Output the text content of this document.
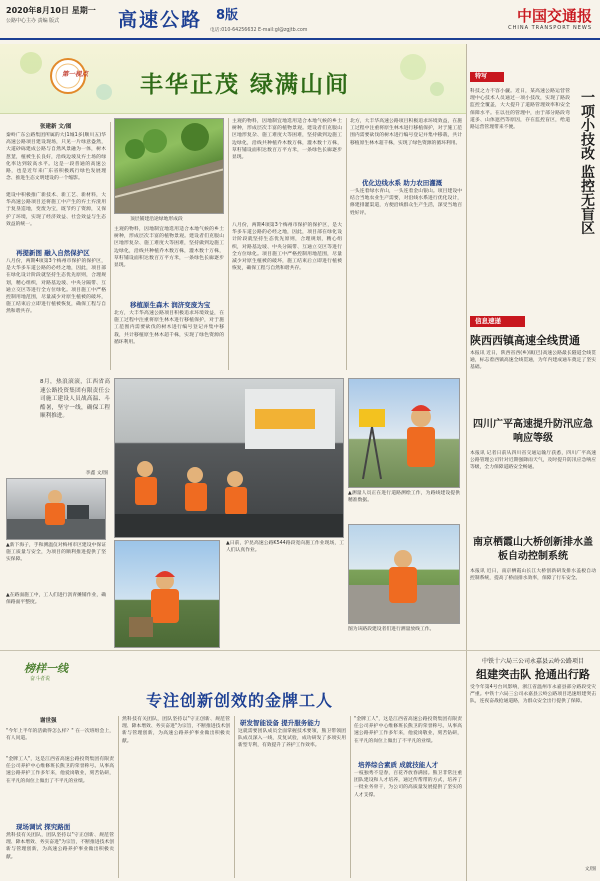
2020年8月10日 星期一
公路中心主办 责编 版式	高速公路 8版
电话:010-64256632 E-mail:gl@zgjtb.com
中国交通报
CHINA TRANSPORT NEWS
第一视点 丰华正茂 绿满山间
张建新 文/图
秦岭广东公路集团所属的大(1城1多(顺川五)华高速公路项目建设现场，只见一片绿意盎然，大道砂砾建成公路与自然风景融为一体，树木葱茏，植被生长良好，沿线边坡及弃土场的绿化率达到较高水平。这是一段普通的高速公路，也是近年来广东省积极践行绿色发展理念、推进生态文明建设的一个缩影。
建设中积极推广新技术、新工艺、新材料，大华高速公路项目还将施工中产生的弃土弃渣用于复垦造地，变废为宝，既节约了资源，又保护了环境，实现了经济效益、社会效益与生态效益的统一。
再提新图 融入自然保护区
八月份，两期4项第3个梅州市保护的保护区，是大华多车道公路的必经之地，因此，项目部在绿化设计阶段就坚持生态优先原则，合理规划，精心组织，对路基边坡、中央分隔带、互通立交区等进行全方位绿化。项目施工中严格控制用地范围，尽量减少对原生植被的破坏，施工结束后立即进行植被恢复，确保工程与自然和谐共存。
顶层铺建沿途绿地形成段
主观的物料，因地制宜地选用适合本地气候的乡土树种，形成层次丰富的植物景观。建设者们克服山区地形复杂、施工难度大等困难，坚持做到边施工边绿化，沿线共种植乔木数万株，灌木数十万株，草籽铺设面积达数百万平方米，一条绿色长廊逐步显现。
移植原生森木 润济变废为宝
北方，大丰华高速公路项目积极追求环境效益，在施工过程中注重将原生林木进行移植保护，对于施工范围内需要砍伐的树木进行编号登记并集中移栽，共计移植原生林木超千株，实现了绿色资源的循环利用。
主观的物料，因地制宜地选用适合本地气候的乡土树种，形成层次丰富的植物景观。建设者们克服山区地形复杂、施工难度大等困难，坚持做到边施工边绿化，沿线共种植乔木数万株，灌木数十万株，草籽铺设面积达数百万平方米，一条绿色长廊逐步显现。
八月份，两期4项第3个梅州市保护的保护区，是大华多车道公路的必经之地，因此，项目部在绿化设计阶段就坚持生态优先原则，合理规划，精心组织，对路基边坡、中央分隔带、互通立交区等进行全方位绿化。项目施工中严格控制用地范围，尽量减少对原生植被的破坏，施工结束后立即进行植被恢复，确保工程与自然和谐共存。
北方，大丰华高速公路项目积极追求环境效益，在施工过程中注重将原生林木进行移植保护，对于施工范围内需要砍伐的树木进行编号登记并集中移栽，共计移植原生林木超千株，实现了绿色资源的循环利用。
优化边线水系 助力农田灌溉
一头连着绿水青山，一头连着金山银山。项目建设中结合当地农业生产需要，对沿线水系进行优化设计，修建排灌渠道，方便沿线群众生产生活，深受当地百姓好评。
8月，热浪滚滚，江西省高速公路投资集团有限责任公司施工建设人员战高温、斗酷暑，坚守一线，确保工程顺利推进。
李鑫 文/图
▲新下海子，手和测温仪对梅州市区建设中保证施工质量与安全，为项目的顺利推进提供了坚实保障。
▲测量人员正在进行道路测绘工作，为路线建设提供精准数据。
▲日前，沪昆高速公路K544路段宽向施工作业现场，工人们认真作业。
图为该路段建设者们进行测量放线工作。
▲在路面施工中，工人们进行沥青摊铺作业，确保路面平整度。
特写
一项小技改 监控无盲区
科技之力不容小觑。近日，某高速公路运营管理中心技术人员通过一项小技改，实现了路段监控全覆盖，大大提升了道路管理效率和安全保障水平。在以往的管理中，由于部分路段弯道多、山体遮挡等原因，存在监控盲区，给道路运营管理带来不便。
信息速递
陕西西镇高速全线贯通
本报讯 近日，陕西省西(乡)镇(巴)高速公路最长隧道全线贯通，标志着西镇高速全线贯通，为年内建成通车奠定了坚实基础。
四川广平高速提升防汛应急响应等级
本报讯 记者日前从四川省交通运输厅获悉，四川广平高速公路管理公司针对近期强降雨天气，及时提升防汛应急响应等级，全力保障道路安全畅通。
南京栖霞山大桥创新排水盖板自动控制系统
本报讯 近日，南京栖霞山长江大桥创新研发排水盖板自动控制系统，提高了桥面排水效率，保障了行车安全。
中铁十六局三公司永嘉县云岭公路项目
组建突击队 抢通出行路
受今年第4号台风影响，浙江省温州市永嘉县部分路段受灾严重。中铁十六局三公司永嘉县云岭公路项目迅速组建突击队，连夜奋战抢通道路，为群众安全出行提供了保障。
文/图
榜样一线
奋斗者说
专注创新创效的金牌工人
谢世强
"今年上半年的活做得怎么样？" 在一次班组会上，有人问道。
"金牌工人"，这是江西省高速公路投资集团有限责任公司养护中心维修班长熊卫的荣誉称号。从事高速公路养护工作多年来，他爱岗敬业，刻苦钻研，在平凡的岗位上做出了不平凡的业绩。
现场调试 探究路面
然科技有关团队，团队坚持以"守正创新、规范管理、降本增效、务实奋进"为宗旨，不断推进技术创新与管理创新，为高速公路养护事业做出积极贡献。
然科技有关团队，团队坚持以"守正创新、规范管理、降本增效、务实奋进"为宗旨，不断推进技术创新与管理创新，为高速公路养护事业做出积极贡献。
研发智能设备 提升服务能力
这就需要团队成员全面掌握技术要领，熊卫带领团队成员深入一线，反复试验，成功研发了多项实用新型专利，有效提升了养护工作效率。
培养综合素质 成就技能人才
"金牌工人"，这是江西省高速公路投资集团有限责任公司养护中心维修班长熊卫的荣誉称号。从事高速公路养护工作多年来，他爱岗敬业，刻苦钻研，在平凡的岗位上做出了不平凡的业绩。
一枝独秀不是春，百花齐放春满园。熊卫非常注重团队建设和人才培养，通过传帮带的方式，培养了一批业务骨干，为公司的高质量发展提供了坚实的人才支撑。
